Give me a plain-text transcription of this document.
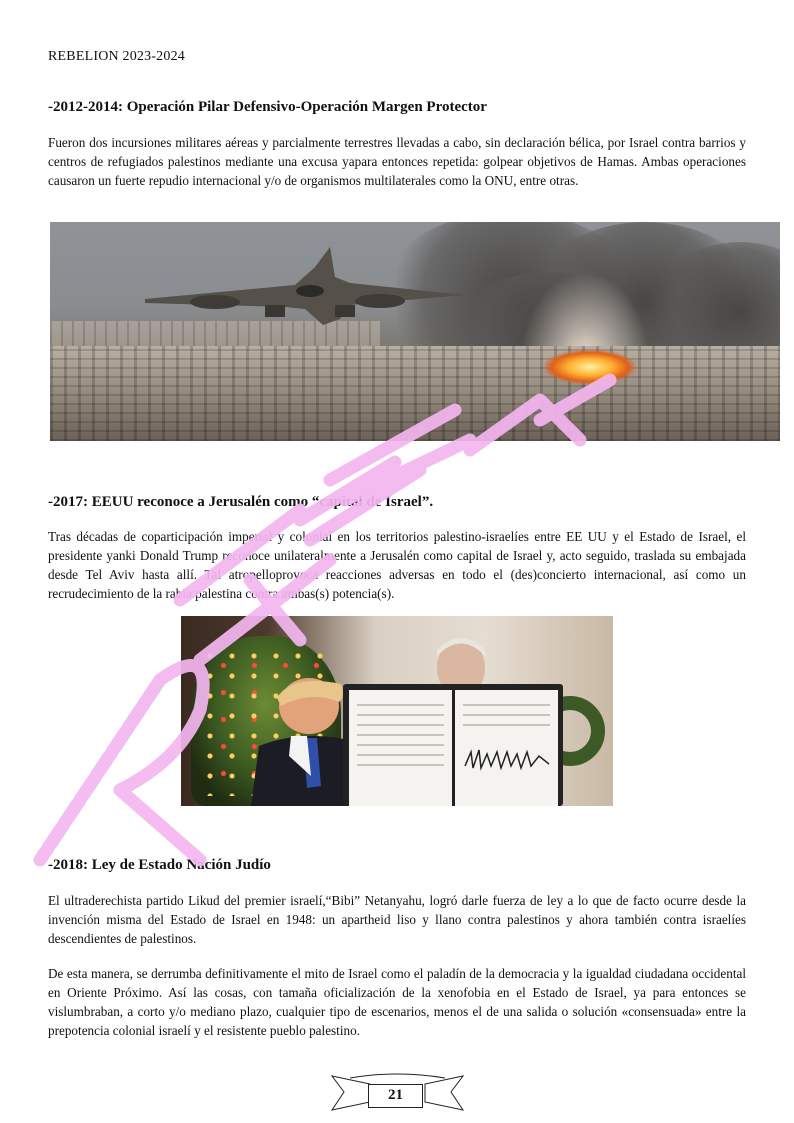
REBELION 2023-2024
-2012-2014: Operación Pilar Defensivo-Operación Margen Protector

Fueron dos incursiones militares aéreas y parcialmente terrestres llevadas a cabo, sin declaración bélica, por Israel contra barrios y centros de refugiados palestinos mediante una excusa yapara entonces repetida: golpear objetivos de Hamas. Ambas operaciones causaron un fuerte repudio internacional y/o de organismos multilaterales como la ONU, entre otras.

-2017: EEUU reconoce a Jerusalén como “capital de Israel”.

Tras décadas de coparticipación imperial y colonial en los territorios palestino-israelíes entre EE UU y el Estado de Israel, el presidente yanki Donald Trump reconoce unilateralmente a Jerusalén como capital de Israel y, acto seguido, traslada su embajada desde Tel Aviv hasta allí. Tal atropelloprovoca reacciones adversas en todo el (des)concierto internacional, así como un recrudecimiento de la rabia palestina contra ambas(s) potencia(s).

-2018: Ley de Estado Nación Judío

El ultraderechista partido Likud del premier israelí,“Bibi” Netanyahu, logró darle fuerza de ley a lo que de facto ocurre desde la invención misma del Estado de Israel en 1948: un apartheid liso y llano contra palestinos y ahora también contra israelíes descendientes de palestinos.

De esta manera, se derrumba definitivamente el mito de Israel como el paladín de la democracia y la igualdad ciudadana occidental en Oriente Próximo. Así las cosas, con tamaña oficialización de la xenofobia en el Estado de Israel, ya para entonces se vislumbraban, a corto y/o mediano plazo, cualquier tipo de escenarios, menos el de una salida o solución «consensuada» entre la prepotencia colonial israelí y el resistente pueblo palestino.

21
